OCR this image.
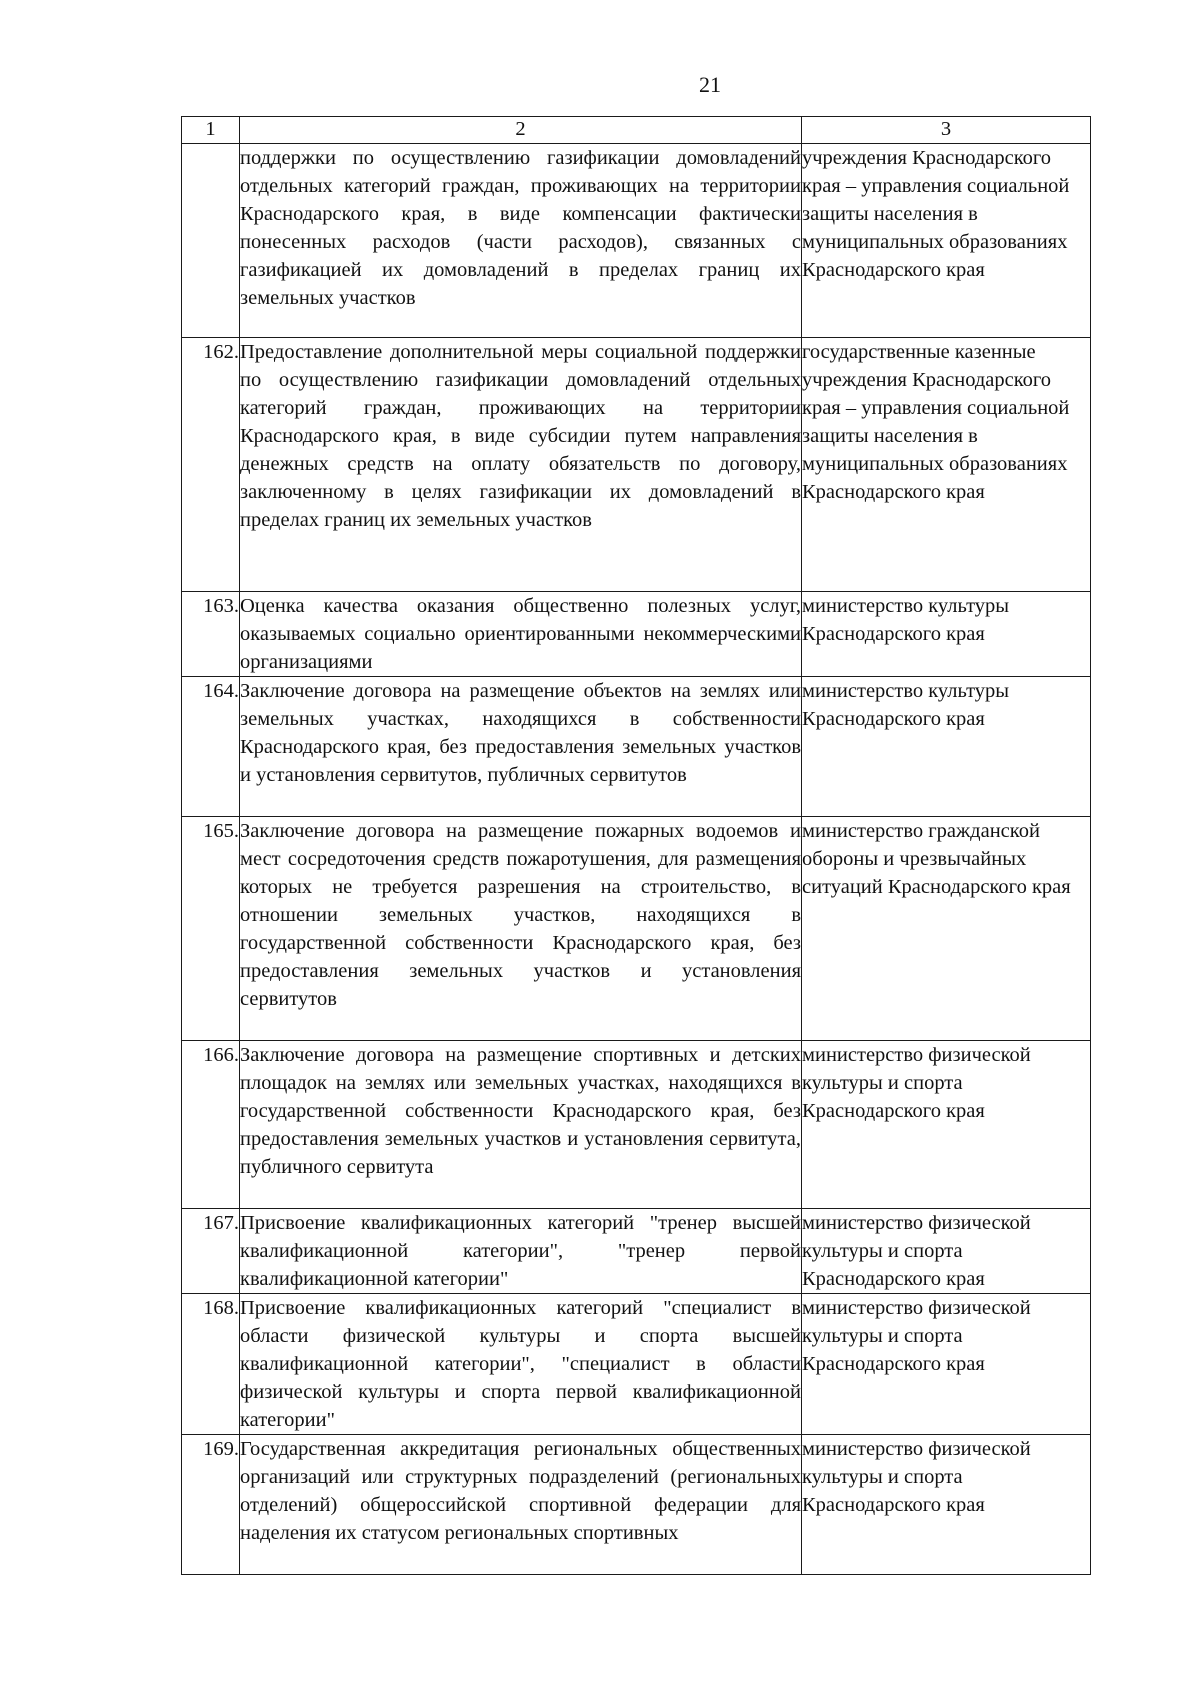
21
1	2	3

	поддержки по осуществлению газификации домовладений отдельных категорий граждан, проживающих на территории Краснодарского края, в виде компенсации фактически понесенных расходов (части расходов), связанных с газификацией их домовладений в пределах границ их земельных участков	учреждения Краснодарского края – управления социальной защиты населения в муниципальных образованиях Краснодарского края

162.	Предоставление дополнительной меры социальной поддержки по осуществлению газификации домовладений отдельных категорий граждан, проживающих на территории Краснодарского края, в виде субсидии путем направления денежных средств на оплату обязательств по договору, заключенному в целях газификации их домовладений в пределах границ их земельных участков	государственные казенные учреждения Краснодарского края – управления социальной защиты населения в муниципальных образованиях Краснодарского края

163.	Оценка качества оказания общественно полезных услуг, оказываемых социально ориентированными некоммерческими организациями	министерство культуры Краснодарского края

164.	Заключение договора на размещение объектов на землях или земельных участках, находящихся в собственности Краснодарского края, без предоставления земельных участков и установления сервитутов, публичных сервитутов	министерство культуры Краснодарского края

165.	Заключение договора на размещение пожарных водоемов и мест сосредоточения средств пожаротушения, для размещения которых не требуется разрешения на строительство, в отношении земельных участков, находящихся в государственной собственности Краснодарского края, без предоставления земельных участков и установления сервитутов	министерство гражданской обороны и чрезвычайных ситуаций Краснодарского края

166.	Заключение договора на размещение спортивных и детских площадок на землях или земельных участках, находящихся в государственной собственности Краснодарского края, без предоставления земельных участков и установления сервитута, публичного сервитута	министерство физической культуры и спорта Краснодарского края

167.	Присвоение квалификационных категорий "тренер высшей квалификационной категории", "тренер первой квалификационной категории"	министерство физической культуры и спорта Краснодарского края

168.	Присвоение квалификационных категорий "специалист в области физической культуры и спорта высшей квалификационной категории", "специалист в области физической культуры и спорта первой квалификационной категории"	министерство физической культуры и спорта Краснодарского края

169.	Государственная аккредитация региональных общественных организаций или структурных подразделений (региональных отделений) общероссийской спортивной федерации для наделения их статусом региональных спортивных	министерство физической культуры и спорта Краснодарского края
